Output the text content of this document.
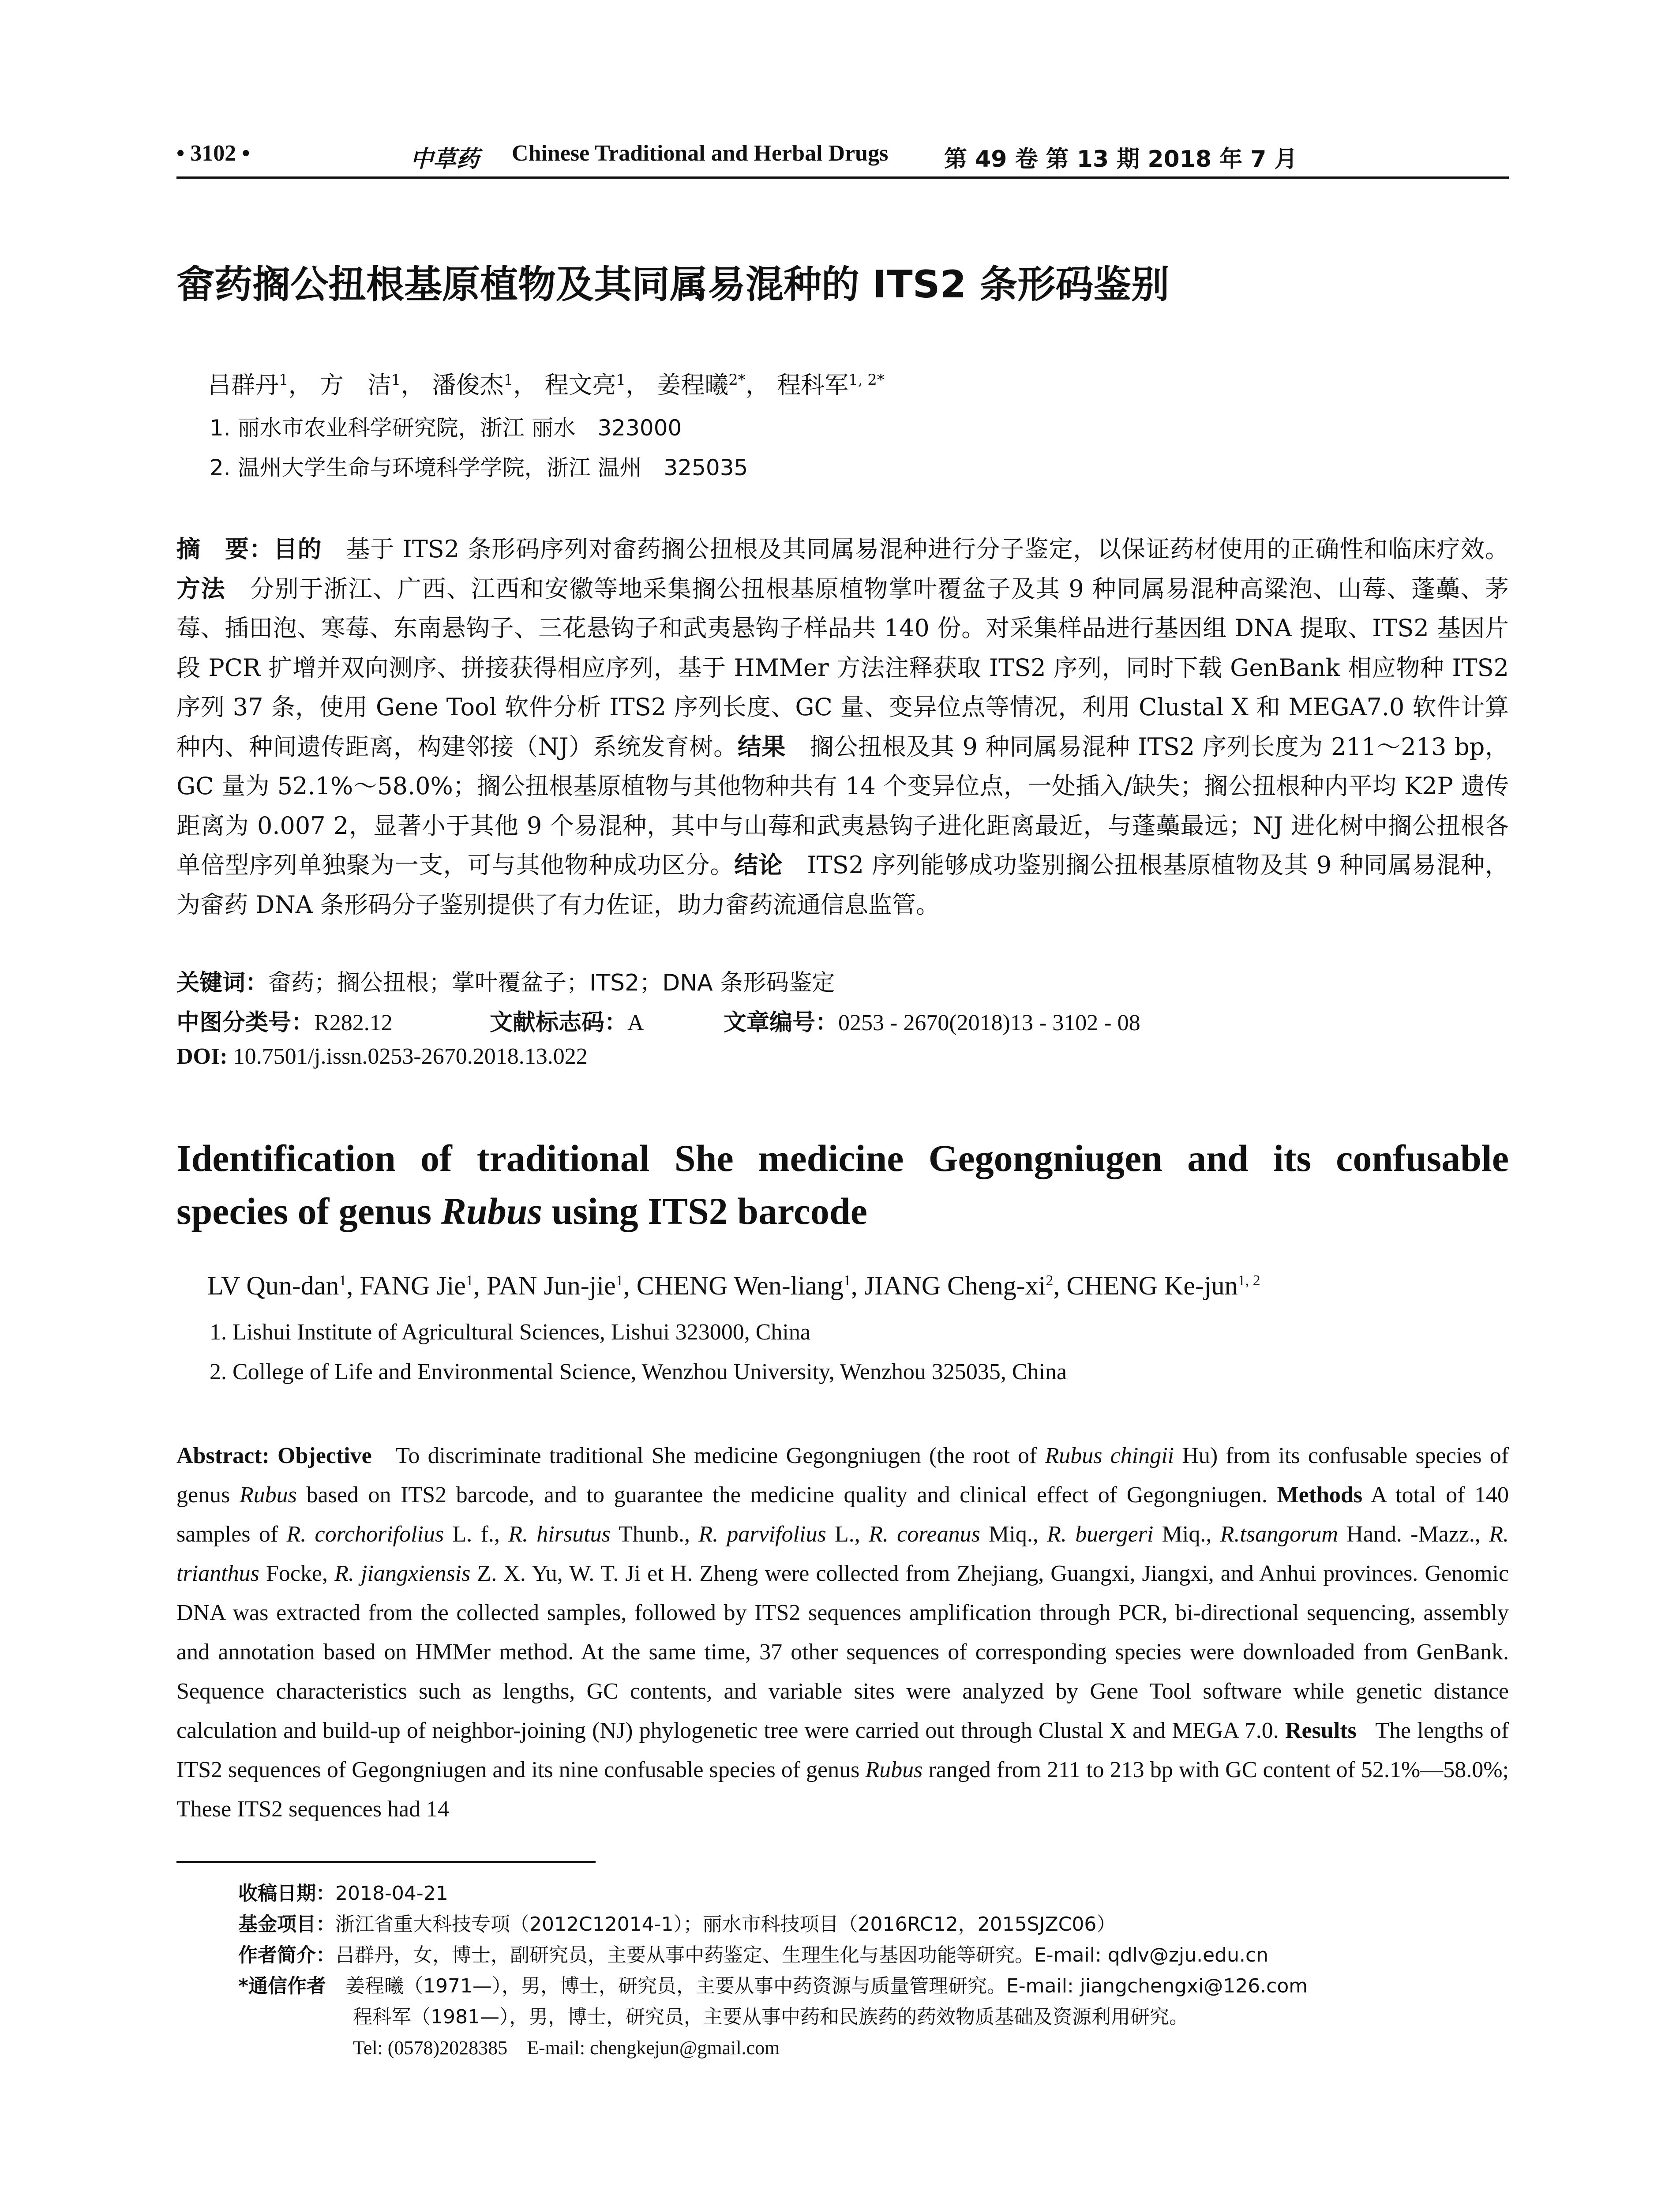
• 3102 •	中草药 Chinese Traditional and Herbal Drugs 第 49 卷 第 13 期 2018 年 7 月
畲药搁公扭根基原植物及其同属易混种的 ITS2 条形码鉴别
吕群丹$^1$， 方　洁$^1$， 潘俊杰$^1$， 程文亮$^1$， 姜程曦$^{2*}$， 程科军$^{1, 2*}$
1. 丽水市农业科学研究院，浙江 丽水　323000
2. 温州大学生命与环境科学学院，浙江 温州　325035
摘　要：目的　 基于 ITS2 条形码序列对畲药搁公扭根及其同属易混种进行分子鉴定，以保证药材使用的正确性和临床疗效。方法　 分别于浙江、广西、江西和安徽等地采集搁公扭根基原植物掌叶覆盆子及其 9 种同属易混种高粱泡、山莓、蓬蘽、茅莓、插田泡、寒莓、东南悬钩子、三花悬钩子和武夷悬钩子样品共 140 份。对采集样品进行基因组 DNA 提取、ITS2 基因片段 PCR 扩增并双向测序、拼接获得相应序列，基于 HMMer 方法注释获取 ITS2 序列，同时下载 GenBank 相应物种 ITS2 序列 37 条，使用 Gene Tool 软件分析 ITS2 序列长度、GC 量、变异位点等情况，利用 Clustal X 和 MEGA7.0 软件计算种内、种间遗传距离，构建邻接（NJ）系统发育树。结果　 搁公扭根及其 9 种同属易混种 ITS2 序列长度为 211～213 bp，GC 量为 52.1%～58.0%；搁公扭根基原植物与其他物种共有 14 个变异位点，一处插入/缺失；搁公扭根种内平均 K2P 遗传距离为 0.007 2，显著小于其他 9 个易混种，其中与山莓和武夷悬钩子进化距离最近，与蓬蘽最远；NJ 进化树中搁公扭根各单倍型序列单独聚为一支，可与其他物种成功区分。结论　 ITS2 序列能够成功鉴别搁公扭根基原植物及其 9 种同属易混种，为畲药 DNA 条形码分子鉴别提供了有力佐证，助力畲药流通信息监管。
关键词：畲药；搁公扭根；掌叶覆盆子；ITS2；DNA 条形码鉴定
中图分类号：R282.12	文献标志码：A	文章编号：0253 - 2670(2018)13 - 3102 - 08
DOI: 10.7501/j.issn.0253-2670.2018.13.022
Identification of traditional She medicine Gegongniugen and its confusable
species of genus Rubus using ITS2 barcode
LV Qun-dan$^1$, FANG Jie$^1$, PAN Jun-jie$^1$, CHENG Wen-liang$^1$, JIANG Cheng-$xi^2$, CHENG Ke-jun$^{1, 2}$
1. Lishui Institute of Agricultural Sciences, Lishui 323000, China
2. College of Life and Environmental Science, Wenzhou University, Wenzhou 325035, China
Abstract: Objective To discriminate traditional She medicine Gegongniugen (the root of Rubus chingii Hu) from its confusable species of genus Rubus based on ITS2 barcode, and to guarantee the medicine quality and clinical effect of Gegongniugen. Methods A total of 140 samples of R. corchorifolius L. f., R. hirsutus Thunb., R. parvifolius L., R. coreanus Miq., R. buergeri Miq., R.tsangorum Hand. -Mazz., R. trianthus Focke, R. jiangxiensis Z. X. Yu, W. T. Ji et H. Zheng were collected from Zhejiang, Guangxi, Jiangxi, and Anhui provinces. Genomic DNA was extracted from the collected samples, followed by ITS2 sequences amplification through PCR, bi-directional sequencing, assembly and annotation based on HMMer method. At the same time, 37 other sequences of corresponding species were downloaded from GenBank. Sequence characteristics such as lengths, GC contents, and variable sites were analyzed by Gene Tool software while genetic distance calculation and build-up of neighbor-joining (NJ) phylogenetic tree were carried out through Clustal X and MEGA 7.0. Results The lengths of ITS2 sequences of Gegongniugen and its nine confusable species of genus Rubus ranged from 211 to 213 bp with GC content of 52.1%—58.0%; These ITS2 sequences had 14
收稿日期：2018-04-21
基金项目：浙江省重大科技专项（2012C12014-1）；丽水市科技项目（2016RC12，2015SJZC06）
作者简介：吕群丹，女，博士，副研究员，主要从事中药鉴定、生理生化与基因功能等研究。E-mail: qdlv@zju.edu.cn
*通信作者　 姜程曦（1971—），男，博士，研究员，主要从事中药资源与质量管理研究。E-mail: jiangchengxi@126.com
程科军（1981—），男，博士，研究员，主要从事中药和民族药的药效物质基础及资源利用研究。
Tel: (0578)2028385　E-mail: chengkejun@gmail.com
